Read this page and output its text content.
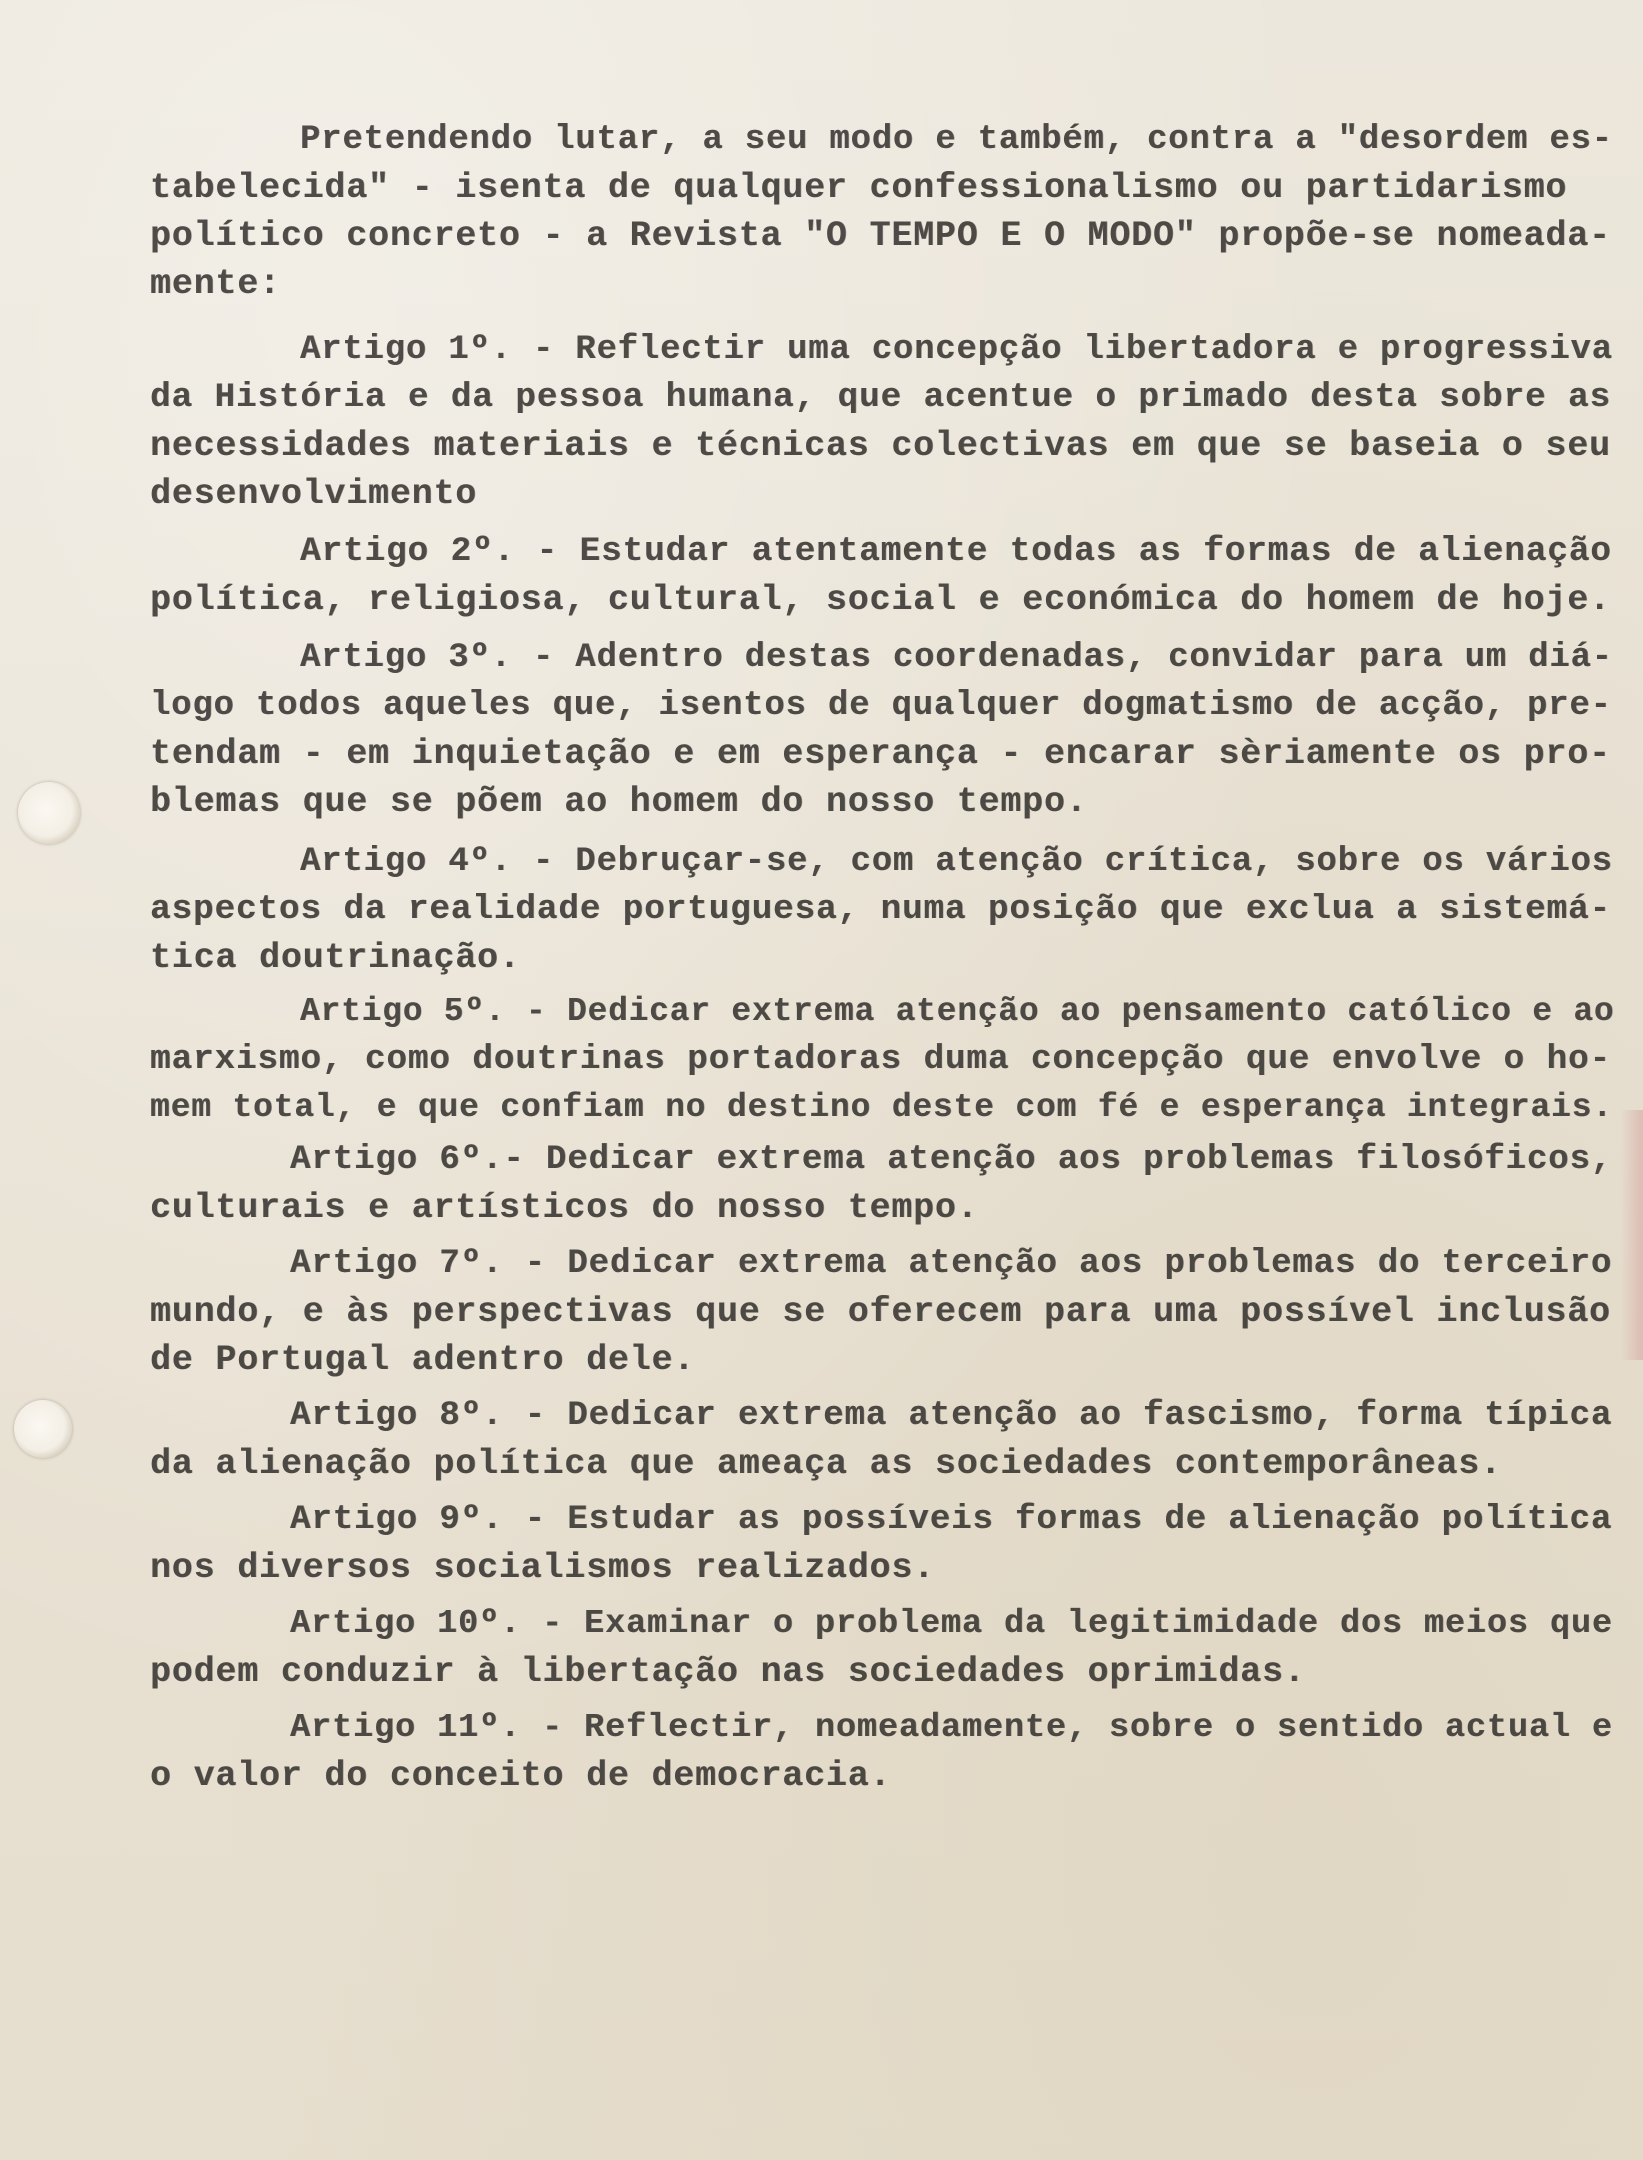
Pretendendo lutar, a seu modo e também, contra a "desordem es-
tabelecida" - isenta de qualquer confessionalismo ou partidarismo
político concreto - a Revista "O TEMPO E O MODO" propõe-se nomeada-
mente:
Artigo 1º. - Reflectir uma concepção libertadora e progressiva
da História e da pessoa humana, que acentue o primado desta sobre as
necessidades materiais e técnicas colectivas em que se baseia o seu
desenvolvimento
Artigo 2º. - Estudar atentamente todas as formas de alienação
política, religiosa, cultural, social e económica do homem de hoje.
Artigo 3º. - Adentro destas coordenadas, convidar para um diá-
logo todos aqueles que, isentos de qualquer dogmatismo de acção, pre-
tendam - em inquietação e em esperança - encarar sèriamente os pro-
blemas que se põem ao homem do nosso tempo.
Artigo 4º. - Debruçar-se, com atenção crítica, sobre os vários
aspectos da realidade portuguesa, numa posição que exclua a sistemá-
tica doutrinação.
Artigo 5º. - Dedicar extrema atenção ao pensamento católico e ao
marxismo, como doutrinas portadoras duma concepção que envolve o ho-
mem total, e que confiam no destino deste com fé e esperança integrais.
Artigo 6º.- Dedicar extrema atenção aos problemas filosóficos,
culturais e artísticos do nosso tempo.
Artigo 7º. - Dedicar extrema atenção aos problemas do terceiro
mundo, e às perspectivas que se oferecem para uma possível inclusão
de Portugal adentro dele.
Artigo 8º. - Dedicar extrema atenção ao fascismo, forma típica
da alienação política que ameaça as sociedades contemporâneas.
Artigo 9º. - Estudar as possíveis formas de alienação política
nos diversos socialismos realizados.
Artigo 10º. - Examinar o problema da legitimidade dos meios que
podem conduzir à libertação nas sociedades oprimidas.
Artigo 11º. - Reflectir, nomeadamente, sobre o sentido actual e
o valor do conceito de democracia.
